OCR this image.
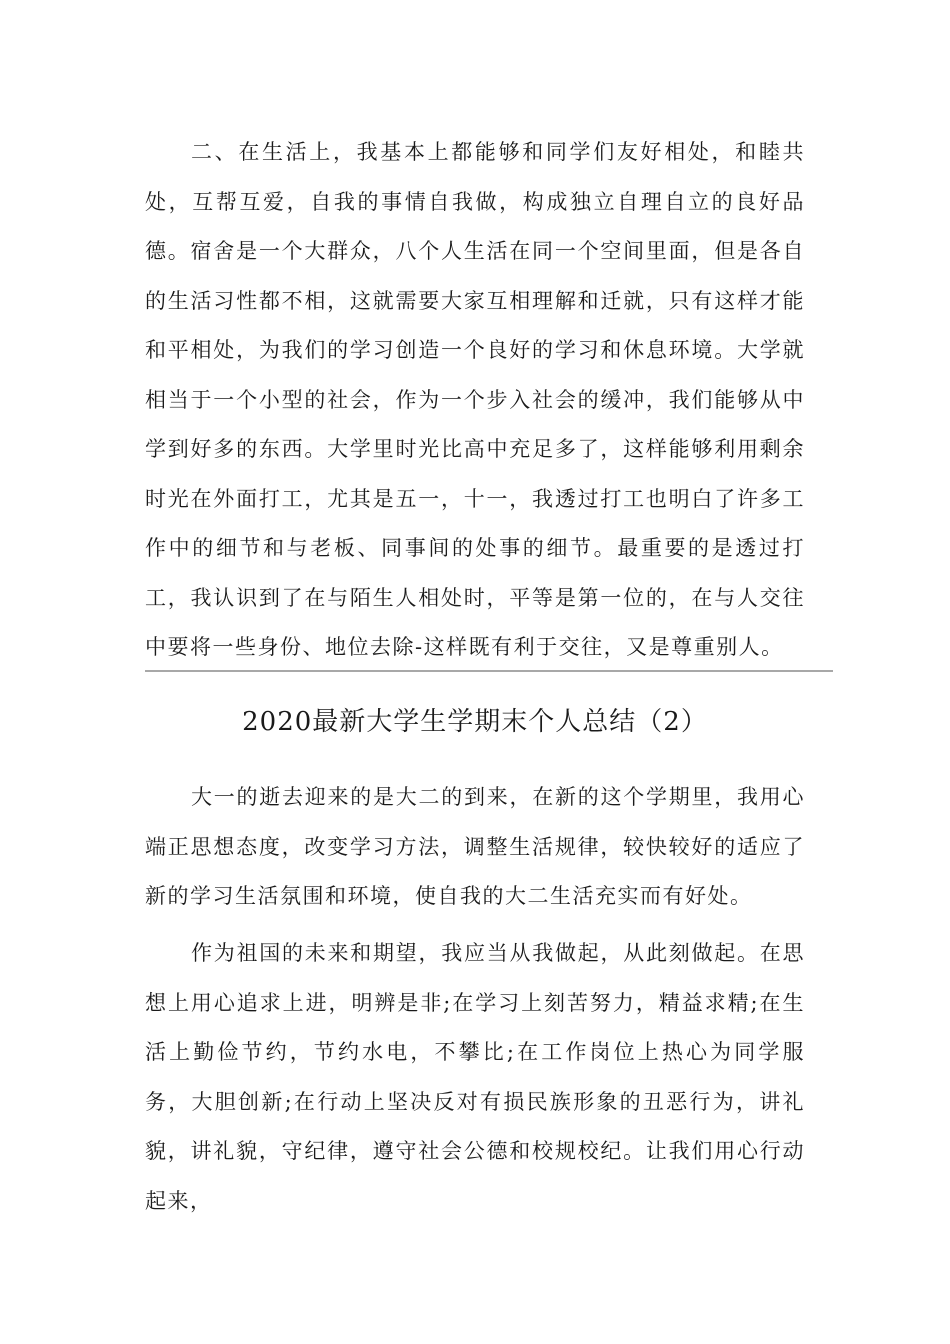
二、在生活上，我基本上都能够和同学们友好相处，和睦共处，互帮互爱，自我的事情自我做，构成独立自理自立的良好品德。宿舍是一个大群众，八个人生活在同一个空间里面，但是各自的生活习性都不相，这就需要大家互相理解和迁就，只有这样才能和平相处，为我们的学习创造一个良好的学习和休息环境。大学就相当于一个小型的社会，作为一个步入社会的缓冲，我们能够从中学到好多的东西。大学里时光比高中充足多了，这样能够利用剩余时光在外面打工，尤其是五一，十一，我透过打工也明白了许多工作中的细节和与老板、同事间的处事的细节。最重要的是透过打工，我认识到了在与陌生人相处时，平等是第一位的，在与人交往中要将一些身份、地位去除-这样既有利于交往，又是尊重别人。

2020最新大学生学期末个人总结（2）

大一的逝去迎来的是大二的到来，在新的这个学期里，我用心端正思想态度，改变学习方法，调整生活规律，较快较好的适应了新的学习生活氛围和环境，使自我的大二生活充实而有好处。

作为祖国的未来和期望，我应当从我做起，从此刻做起。在思想上用心追求上进，明辨是非;在学习上刻苦努力，精益求精;在生活上勤俭节约，节约水电，不攀比;在工作岗位上热心为同学服务，大胆创新;在行动上坚决反对有损民族形象的丑恶行为，讲礼貌，讲礼貌，守纪律，遵守社会公德和校规校纪。让我们用心行动起来，
